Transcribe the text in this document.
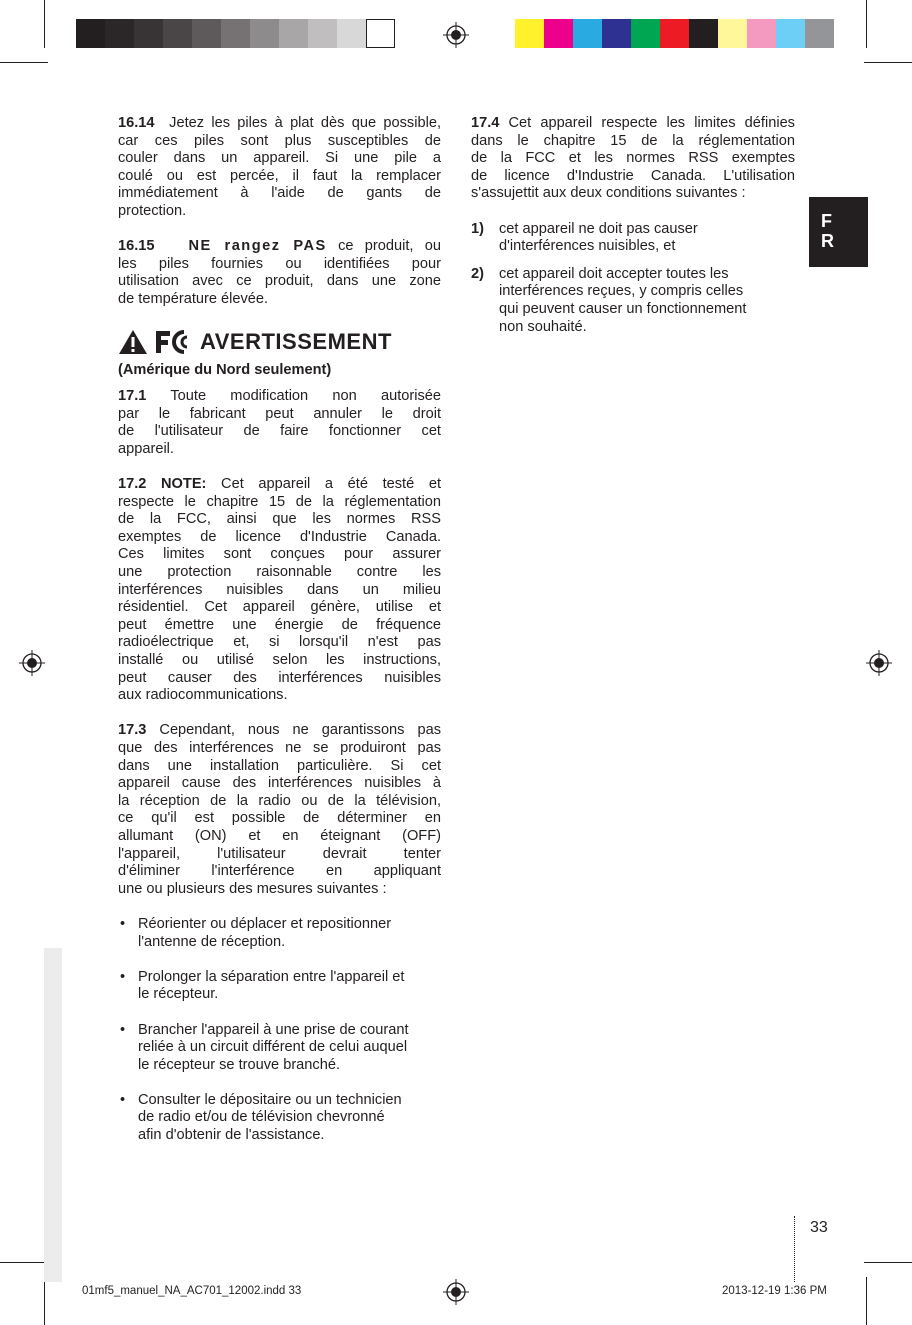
F
R

16.14 Jetez les piles à plat dès que possible,
car ces piles sont plus susceptibles de
couler dans un appareil. Si une pile a
coulé ou est percée, il faut la remplacer
immédiatement à l'aide de gants de
protection.

16.15 NE rangez PAS ce produit, ou
les piles fournies ou identifiées pour
utilisation avec ce produit, dans une zone
de température élevée.

AVERTISSEMENT
(Amérique du Nord seulement)

17.1 Toute modification non autorisée
par le fabricant peut annuler le droit
de l'utilisateur de faire fonctionner cet
appareil.

17.2 NOTE: Cet appareil a été testé et
respecte le chapitre 15 de la réglementation
de la FCC, ainsi que les normes RSS
exemptes de licence d'Industrie Canada.
Ces limites sont conçues pour assurer
une protection raisonnable contre les
interférences nuisibles dans un milieu
résidentiel. Cet appareil génère, utilise et
peut émettre une énergie de fréquence
radioélectrique et, si lorsqu'il n'est pas
installé ou utilisé selon les instructions,
peut causer des interférences nuisibles
aux radiocommunications.

17.3 Cependant, nous ne garantissons pas
que des interférences ne se produiront pas
dans une installation particulière. Si cet
appareil cause des interférences nuisibles à
la réception de la radio ou de la télévision,
ce qu'il est possible de déterminer en
allumant (ON) et en éteignant (OFF)
l'appareil, l'utilisateur devrait tenter
d'éliminer l'interférence en appliquant
une ou plusieurs des mesures suivantes :

• Réorienter ou déplacer et repositionner
l'antenne de réception.

• Prolonger la séparation entre l'appareil et
le récepteur.

• Brancher l'appareil à une prise de courant
reliée à un circuit différent de celui auquel
le récepteur se trouve branché.

• Consulter le dépositaire ou un technicien
de radio et/ou de télévision chevronné
afin d'obtenir de l'assistance.

17.4 Cet appareil respecte les limites définies
dans le chapitre 15 de la réglementation
de la FCC et les normes RSS exemptes
de licence d'Industrie Canada. L'utilisation
s'assujettit aux deux conditions suivantes :

1) cet appareil ne doit pas causer
d'interférences nuisibles, et

2) cet appareil doit accepter toutes les
interférences reçues, y compris celles
qui peuvent causer un fonctionnement
non souhaité.

33
01mf5_manuel_NA_AC701_12002.indd 33	2013-12-19 1:36 PM
